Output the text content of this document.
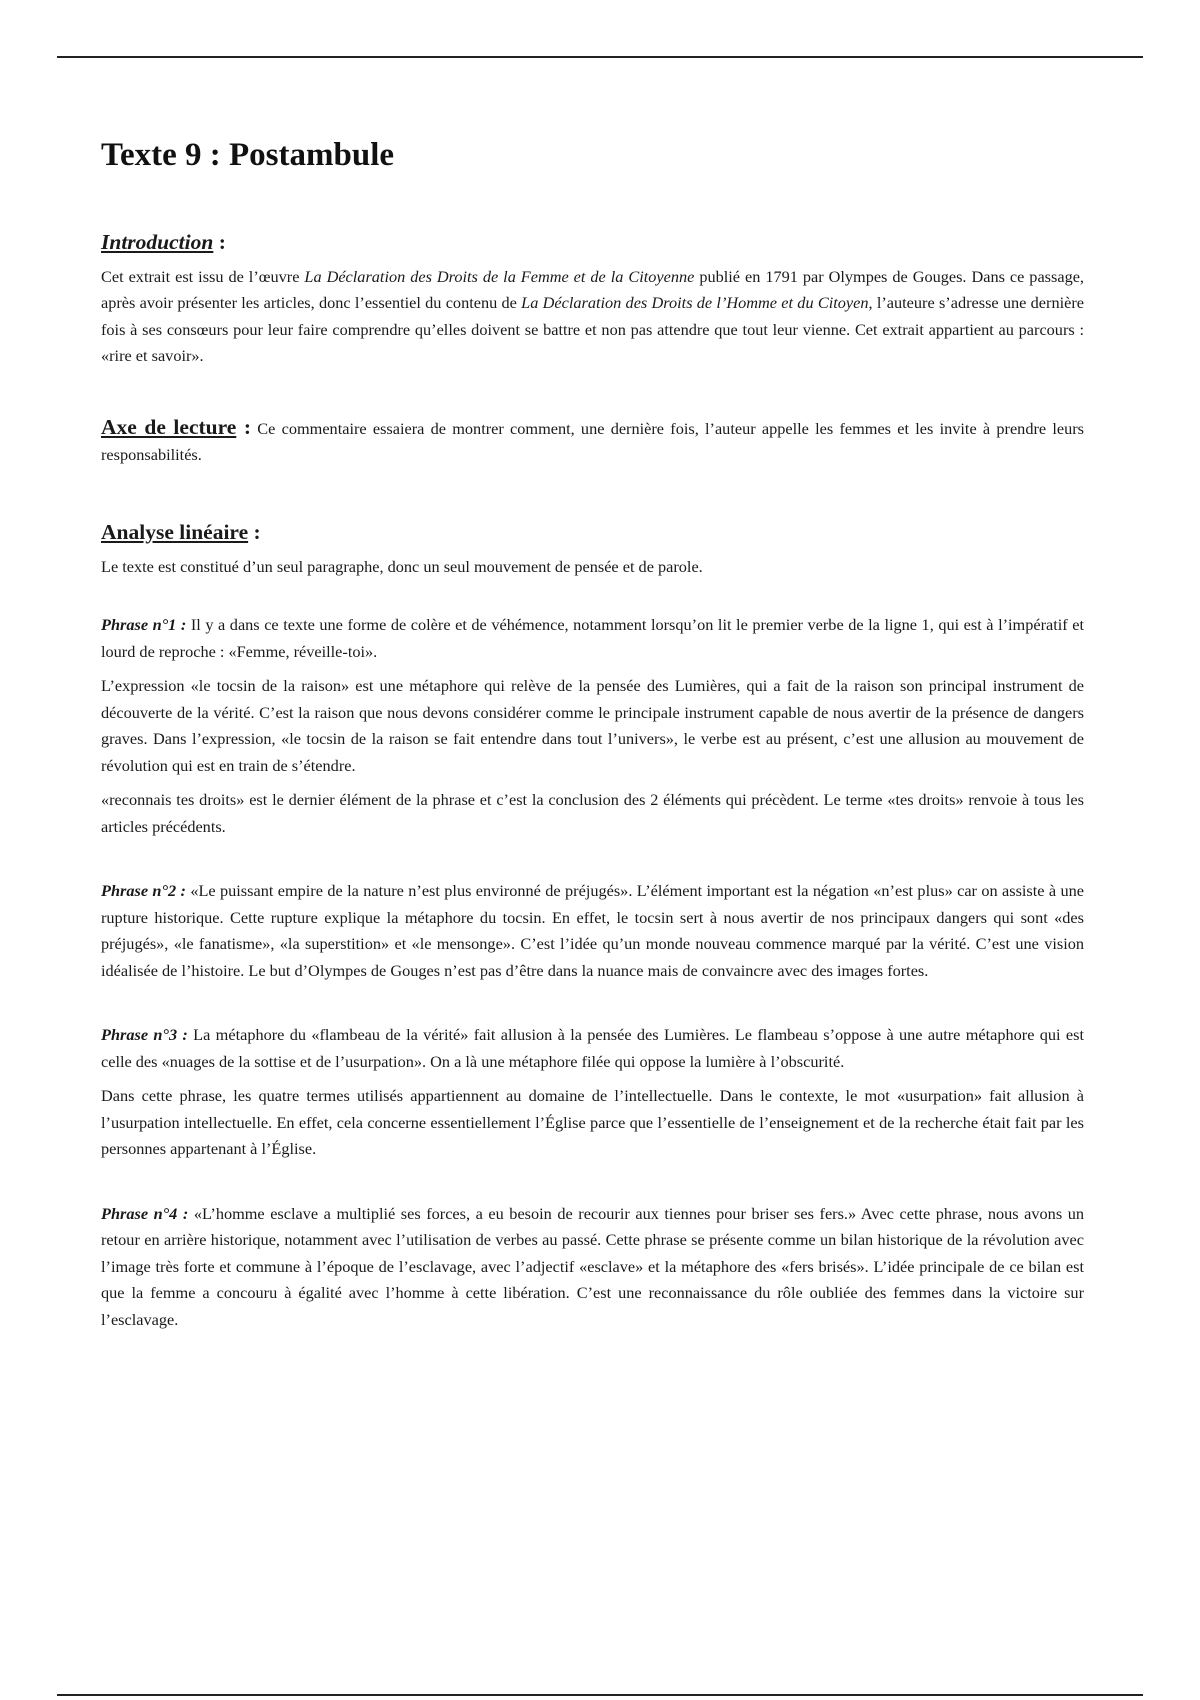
Texte 9 : Postambule
Introduction :

Cet extrait est issu de l’œuvre La Déclaration des Droits de la Femme et de la Citoyenne publié en 1791 par Olympes de Gouges. Dans ce passage, après avoir présenter les articles, donc l’essentiel du contenu de La Déclaration des Droits de l’Homme et du Citoyen, l’auteure s’adresse une dernière fois à ses consœurs pour leur faire comprendre qu’elles doivent se battre et non pas attendre que tout leur vienne. Cet extrait appartient au parcours : «rire et savoir».

Axe de lecture : Ce commentaire essaiera de montrer comment, une dernière fois, l’auteur appelle les femmes et les invite à prendre leurs responsabilités.

Analyse linéaire :

Le texte est constitué d’un seul paragraphe, donc un seul mouvement de pensée et de parole.

Phrase n°1 : Il y a dans ce texte une forme de colère et de véhémence, notamment lorsqu’on lit le premier verbe de la ligne 1, qui est à l’impératif et lourd de reproche : «Femme, réveille-toi».

L’expression «le tocsin de la raison» est une métaphore qui relève de la pensée des Lumières, qui a fait de la raison son principal instrument de découverte de la vérité. C’est la raison que nous devons considérer comme le principale instrument capable de nous avertir de la présence de dangers graves. Dans l’expression, «le tocsin de la raison se fait entendre dans tout l’univers», le verbe est au présent, c’est une allusion au mouvement de révolution qui est en train de s’étendre.

«reconnais tes droits» est le dernier élément de la phrase et c’est la conclusion des 2 éléments qui précèdent. Le terme «tes droits» renvoie à tous les articles précédents.

Phrase n°2 : «Le puissant empire de la nature n’est plus environné de préjugés». L’élément important est la négation «n’est plus» car on assiste à une rupture historique. Cette rupture explique la métaphore du tocsin. En effet, le tocsin sert à nous avertir de nos principaux dangers qui sont «des préjugés», «le fanatisme», «la superstition» et «le mensonge». C’est l’idée qu’un monde nouveau commence marqué par la vérité. C’est une vision idéalisée de l’histoire. Le but d’Olympes de Gouges n’est pas d’être dans la nuance mais de convaincre avec des images fortes.

Phrase n°3 : La métaphore du «flambeau de la vérité» fait allusion à la pensée des Lumières. Le flambeau s’oppose à une autre métaphore qui est celle des «nuages de la sottise et de l’usurpation». On a là une métaphore filée qui oppose la lumière à l’obscurité.

Dans cette phrase, les quatre termes utilisés appartiennent au domaine de l’intellectuelle. Dans le contexte, le mot «usurpation» fait allusion à l’usurpation intellectuelle. En effet, cela concerne essentiellement l’Église parce que l’essentielle de l’enseignement et de la recherche était fait par les personnes appartenant à l’Église.

Phrase n°4 : «L’homme esclave a multiplié ses forces, a eu besoin de recourir aux tiennes pour briser ses fers.» Avec cette phrase, nous avons un retour en arrière historique, notamment avec l’utilisation de verbes au passé. Cette phrase se présente comme un bilan historique de la révolution avec l’image très forte et commune à l’époque de l’esclavage, avec l’adjectif «esclave» et la métaphore des «fers brisés». L’idée principale de ce bilan est que la femme a concouru à égalité avec l’homme à cette libération. C’est une reconnaissance du rôle oubliée des femmes dans la victoire sur l’esclavage.
